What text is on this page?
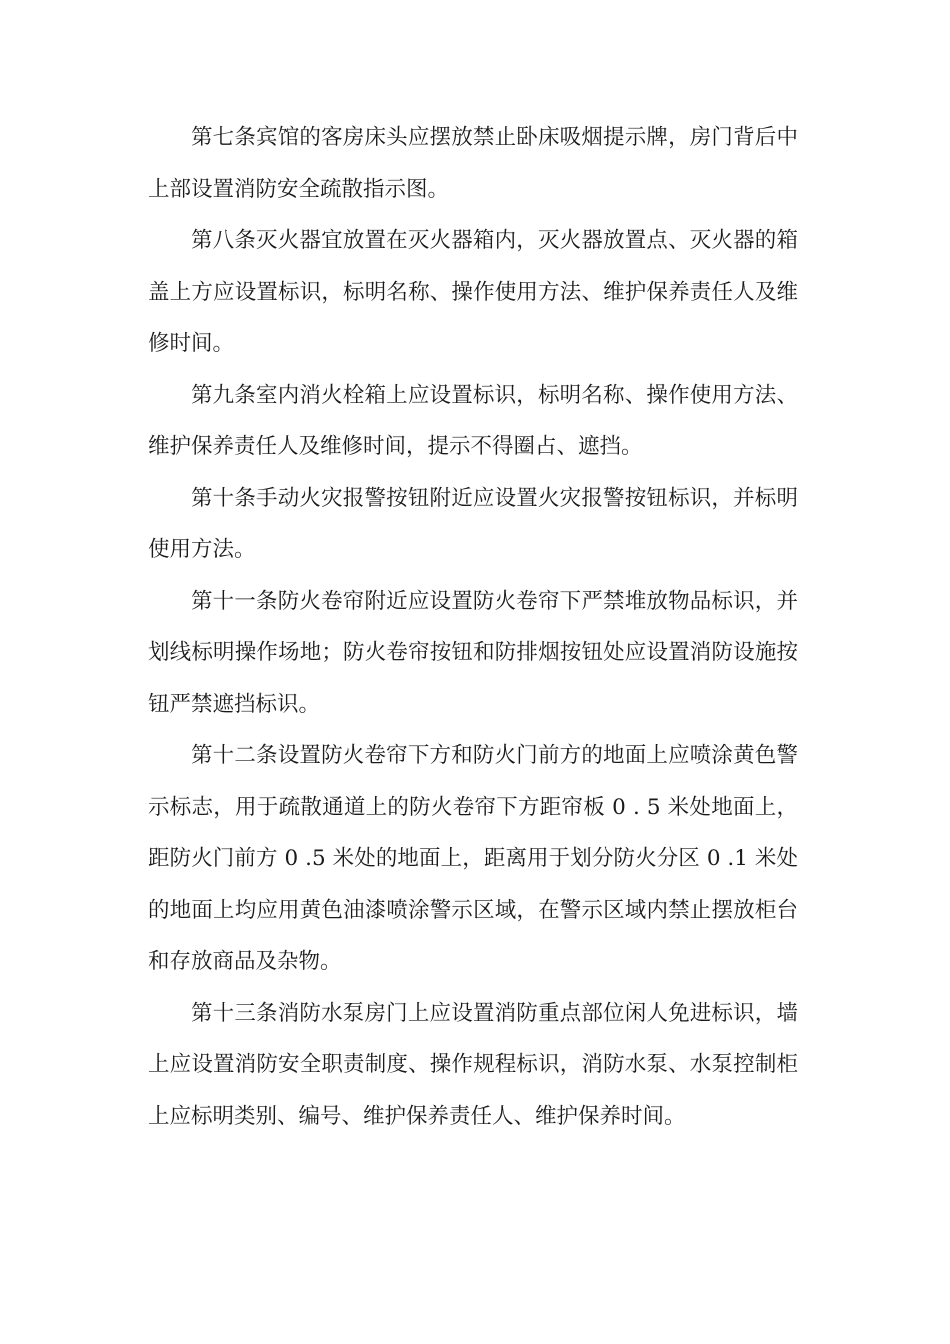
第七条宾馆的客房床头应摆放禁止卧床吸烟提示牌，房门背后中上部设置消防安全疏散指示图。

第八条灭火器宜放置在灭火器箱内，灭火器放置点、灭火器的箱盖上方应设置标识，标明名称、操作使用方法、维护保养责任人及维修时间。

第九条室内消火栓箱上应设置标识，标明名称、操作使用方法、维护保养责任人及维修时间，提示不得圈占、遮挡。

第十条手动火灾报警按钮附近应设置火灾报警按钮标识，并标明使用方法。

第十一条防火卷帘附近应设置防火卷帘下严禁堆放物品标识，并划线标明操作场地；防火卷帘按钮和防排烟按钮处应设置消防设施按钮严禁遮挡标识。

第十二条设置防火卷帘下方和防火门前方的地面上应喷涂黄色警示标志，用于疏散通道上的防火卷帘下方距帘板 0 . 5 米处地面上，距防火门前方 0 .5 米处的地面上，距离用于划分防火分区 0 .1 米处的地面上均应用黄色油漆喷涂警示区域，在警示区域内禁止摆放柜台和存放商品及杂物。

第十三条消防水泵房门上应设置消防重点部位闲人免进标识，墙上应设置消防安全职责制度、操作规程标识，消防水泵、水泵控制柜上应标明类别、编号、维护保养责任人、维护保养时间。
